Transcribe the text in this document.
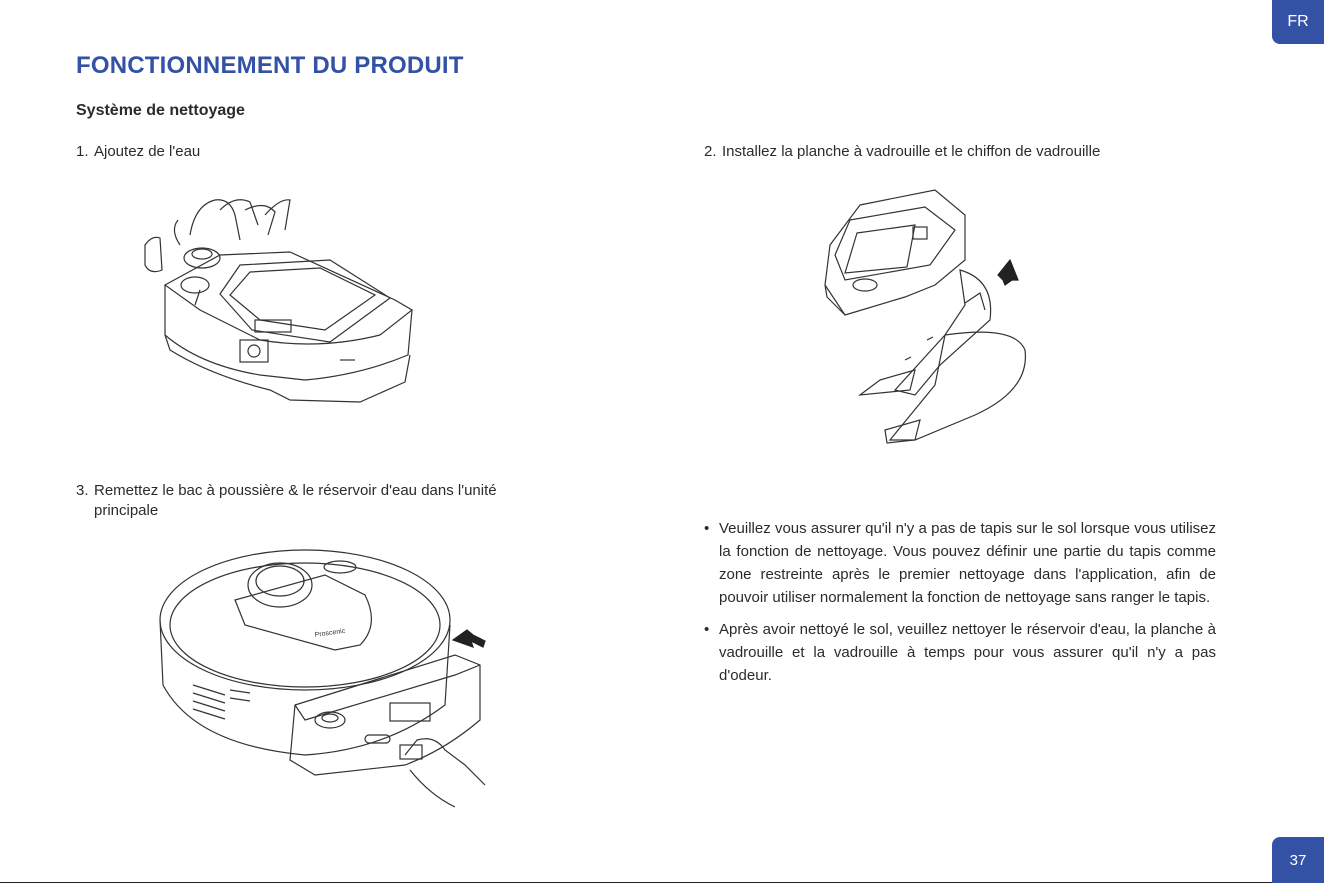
FR
FONCTIONNEMENT DU PRODUIT
Système de nettoyage
1. Ajoutez de l'eau	2. Installez la planche à vadrouille et le chiffon de vadrouille
3. Remettez le bac à poussière & le réservoir d'eau dans l'unité
principale
Proscenic
• Veuillez vous assurer qu'il n'y a pas de tapis sur le sol lorsque vous utilisez la fonction de nettoyage. Vous pouvez définir une partie du tapis comme zone restreinte après le premier nettoyage dans l'application, afin de pouvoir utiliser normalement la fonction de nettoyage sans ranger le tapis.
• Après avoir nettoyé le sol, veuillez nettoyer le réservoir d'eau, la planche à vadrouille et la vadrouille à temps pour vous assurer qu'il n'y a pas d'odeur.
37
